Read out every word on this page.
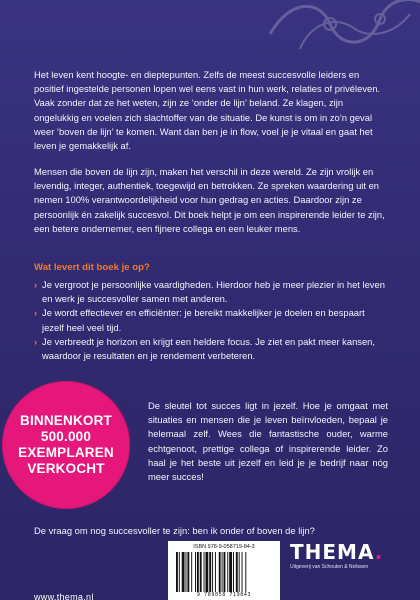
Het leven kent hoogte- en dieptepunten. Zelfs de meest succesvolle leiders en positief ingestelde personen lopen wel eens vast in hun werk, relaties of privéleven. Vaak zonder dat ze het weten, zijn ze ‘onder de lijn’ beland. Ze klagen, zijn ongelukkig en voelen zich slachtoffer van de situatie. De kunst is om in zo’n geval weer ‘boven de lijn’ te komen. Want dan ben je in flow, voel je je vitaal en gaat het leven je gemakkelijk af.

Mensen die boven de lijn zijn, maken het verschil in deze wereld. Ze zijn vrolijk en levendig, integer, authentiek, toegewijd en betrokken. Ze spreken waardering uit en nemen 100% verantwoordelijkheid voor hun gedrag en acties. Daardoor zijn ze persoonlijk én zakelijk succesvol. Dit boek helpt je om een inspirerende leider te zijn, een betere ondernemer, een fijnere collega en een leuker mens.

Wat levert dit boek je op?
› Je vergroot je persoonlijke vaardigheden. Hierdoor heb je meer plezier in het leven en werk je succesvoller samen met anderen.
› Je wordt effectiever en efficiënter: je bereikt makkelijker je doelen en bespaart jezelf heel veel tijd.
› Je verbreedt je horizon en krijgt een heldere focus. Je ziet en pakt meer kansen, waardoor je resultaten en je rendement verbeteren.
BINNENKORT
500.000
EXEMPLAREN
VERKOCHT

De sleutel tot succes ligt in jezelf. Hoe je omgaat met situaties en mensen die je leven beïnvloeden, bepaal je helemaal zelf. Wees die fantastische ouder, warme echtgenoot, prettige collega of inspirerende leider. Zo haal je het beste uit jezelf en leid je je bedrijf naar nóg meer succes!

De vraag om nog succesvoller te zijn: ben ik onder of boven de lijn?

www.thema.nl
ISBN 978-9-058719-84-3
9 789058 719843
THEMA.
Uitgeverij van Schouten & Nelissen
